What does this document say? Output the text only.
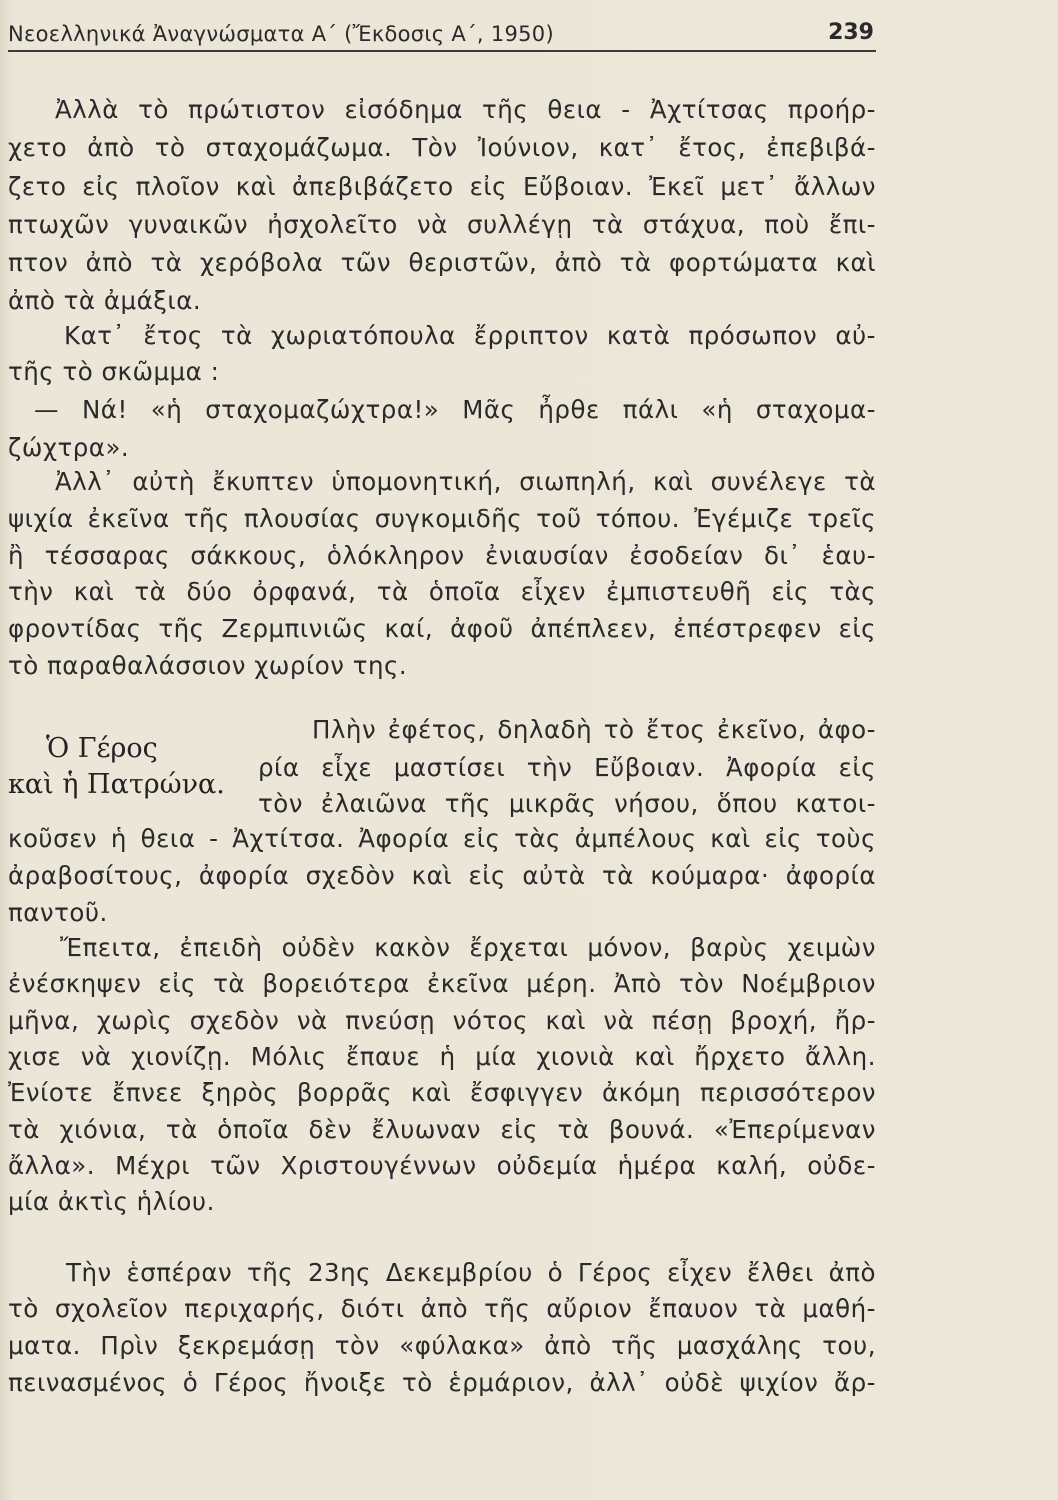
Νεοελληνικά Ἀναγνώσματα Α΄ (Ἔκδοσις Α΄, 1950)	239
Ἀλλὰ τὸ πρώτιστον εἰσόδημα τῆς θεια - Ἀχτίτσας προήρ-
χετο ἀπὸ τὸ σταχομάζωμα. Τὸν Ἰούνιον, κατ᾽ ἔτος, ἐπεβιβά-
ζετο εἰς πλοῖον καὶ ἀπεβιβάζετο εἰς Εὔβοιαν. Ἐκεῖ μετ᾽ ἄλλων
πτωχῶν γυναικῶν ἠσχολεῖτο νὰ συλλέγῃ τὰ στάχυα, ποὺ ἔπι-
πτον ἀπὸ τὰ χερόβολα τῶν θεριστῶν, ἀπὸ τὰ φορτώματα καὶ
ἀπὸ τὰ ἀμάξια.
Κατ᾽ ἔτος τὰ χωριατόπουλα ἔρριπτον κατὰ πρόσωπον αὐ-
τῆς τὸ σκῶμμα :
— Νά! «ἡ σταχομαζώχτρα!» Μᾶς ἦρθε πάλι «ἡ σταχομα-
ζώχτρα».
Ἀλλ᾽ αὐτὴ ἔκυπτεν ὑπομονητική, σιωπηλή, καὶ συνέλεγε τὰ
ψιχία ἐκεῖνα τῆς πλουσίας συγκομιδῆς τοῦ τόπου. Ἐγέμιζε τρεῖς
ἢ τέσσαρας σάκκους, ὁλόκληρον ἐνιαυσίαν ἐσοδείαν δι᾽ ἑαυ-
τὴν καὶ τὰ δύο ὀρφανά, τὰ ὁποῖα εἶχεν ἐμπιστευθῆ εἰς τὰς
φροντίδας τῆς Ζερμπινιῶς καί, ἀφοῦ ἀπέπλεεν, ἐπέστρεφεν εἰς
τὸ παραθαλάσσιον χωρίον της.
Ὁ Γέρος
καὶ ἡ Πατρώνα.
Πλὴν ἐφέτος, δηλαδὴ τὸ ἔτος ἐκεῖνο, ἀφο-
ρία εἶχε μαστίσει τὴν Εὔβοιαν. Ἀφορία εἰς
τὸν ἐλαιῶνα τῆς μικρᾶς νήσου, ὅπου κατοι-
κοῦσεν ἡ θεια - Ἀχτίτσα. Ἀφορία εἰς τὰς ἀμπέλους καὶ εἰς τοὺς
ἀραβοσίτους, ἀφορία σχεδὸν καὶ εἰς αὐτὰ τὰ κούμαρα· ἀφορία
παντοῦ.
Ἔπειτα, ἐπειδὴ οὐδὲν κακὸν ἔρχεται μόνον, βαρὺς χειμὼν
ἐνέσκηψεν εἰς τὰ βορειότερα ἐκεῖνα μέρη. Ἀπὸ τὸν Νοέμβριον
μῆνα, χωρὶς σχεδὸν νὰ πνεύσῃ νότος καὶ νὰ πέσῃ βροχή, ἤρ-
χισε νὰ χιονίζῃ. Μόλις ἔπαυε ἡ μία χιονιὰ καὶ ἤρχετο ἄλλη.
Ἐνίοτε ἔπνεε ξηρὸς βορρᾶς καὶ ἔσφιγγεν ἀκόμη περισσότερον
τὰ χιόνια, τὰ ὁποῖα δὲν ἔλυωναν εἰς τὰ βουνά. «Ἐπερίμεναν
ἄλλα». Μέχρι τῶν Χριστουγέννων οὐδεμία ἡμέρα καλή, οὐδε-
μία ἀκτὶς ἡλίου.
Τὴν ἑσπέραν τῆς 23ης Δεκεμβρίου ὁ Γέρος εἶχεν ἔλθει ἀπὸ
τὸ σχολεῖον περιχαρής, διότι ἀπὸ τῆς αὔριον ἔπαυον τὰ μαθή-
ματα. Πρὶν ξεκρεμάσῃ τὸν «φύλακα» ἀπὸ τῆς μασχάλης του,
πεινασμένος ὁ Γέρος ἤνοιξε τὸ ἑρμάριον, ἀλλ᾽ οὐδὲ ψιχίον ἄρ-
